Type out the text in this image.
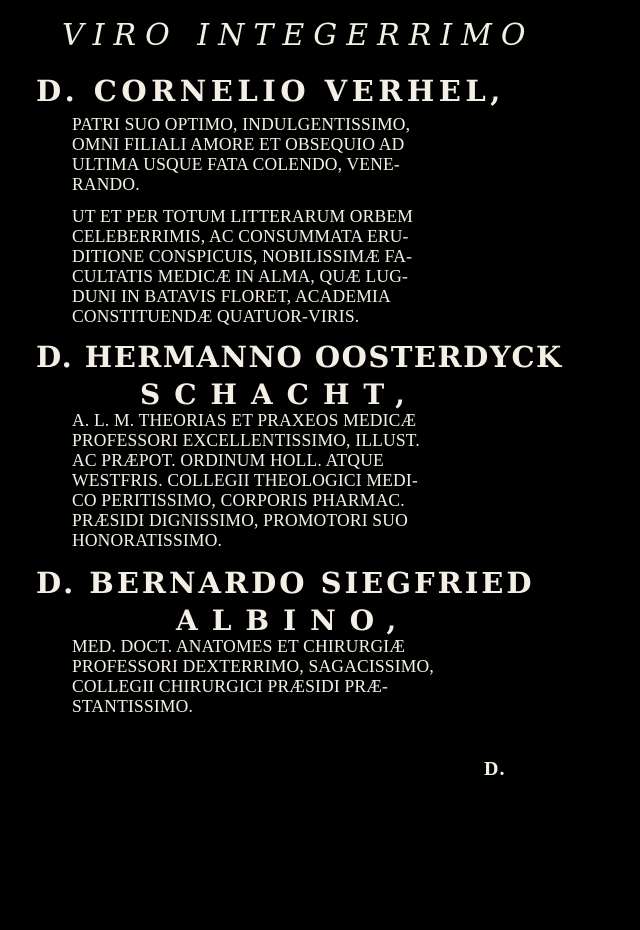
VIRO INTEGERRIMO

D. CORNELIO VERHEL,

PATRI SUO OPTIMO, INDULGENTISSIMO,

OMNI FILIALI AMORE ET OBSEQUIO AD

ULTIMA USQUE FATA COLENDO, VENE-

RANDO.

UT ET PER TOTUM LITTERARUM ORBEM

CELEBERRIMIS, AC CONSUMMATA ERU-

DITIONE CONSPICUIS, NOBILISSIMÆ FA-

CULTATIS MEDICÆ IN ALMA, QUÆ LUG-

DUNI IN BATAVIS FLORET, ACADEMIA

CONSTITUENDÆ QUATUOR-VIRIS.

D. HERMANNO OOSTERDYCK

SCHACHT,

A. L. M. THEORIAS ET PRAXEOS MEDICÆ

PROFESSORI EXCELLENTISSIMO, ILLUST.

AC PRÆPOT. ORDINUM HOLL. ATQUE

WESTFRIS. COLLEGII THEOLOGICI MEDI-

CO PERITISSIMO, CORPORIS PHARMAC.

PRÆSIDI DIGNISSIMO, PROMOTORI SUO

HONORATISSIMO.

D. BERNARDO SIEGFRIED

ALBINO,

MED. DOCT. ANATOMES ET CHIRURGIÆ

PROFESSORI DEXTERRIMO, SAGACISSIMO,

COLLEGII CHIRURGICI PRÆSIDI PRÆ-

STANTISSIMO.

D.
